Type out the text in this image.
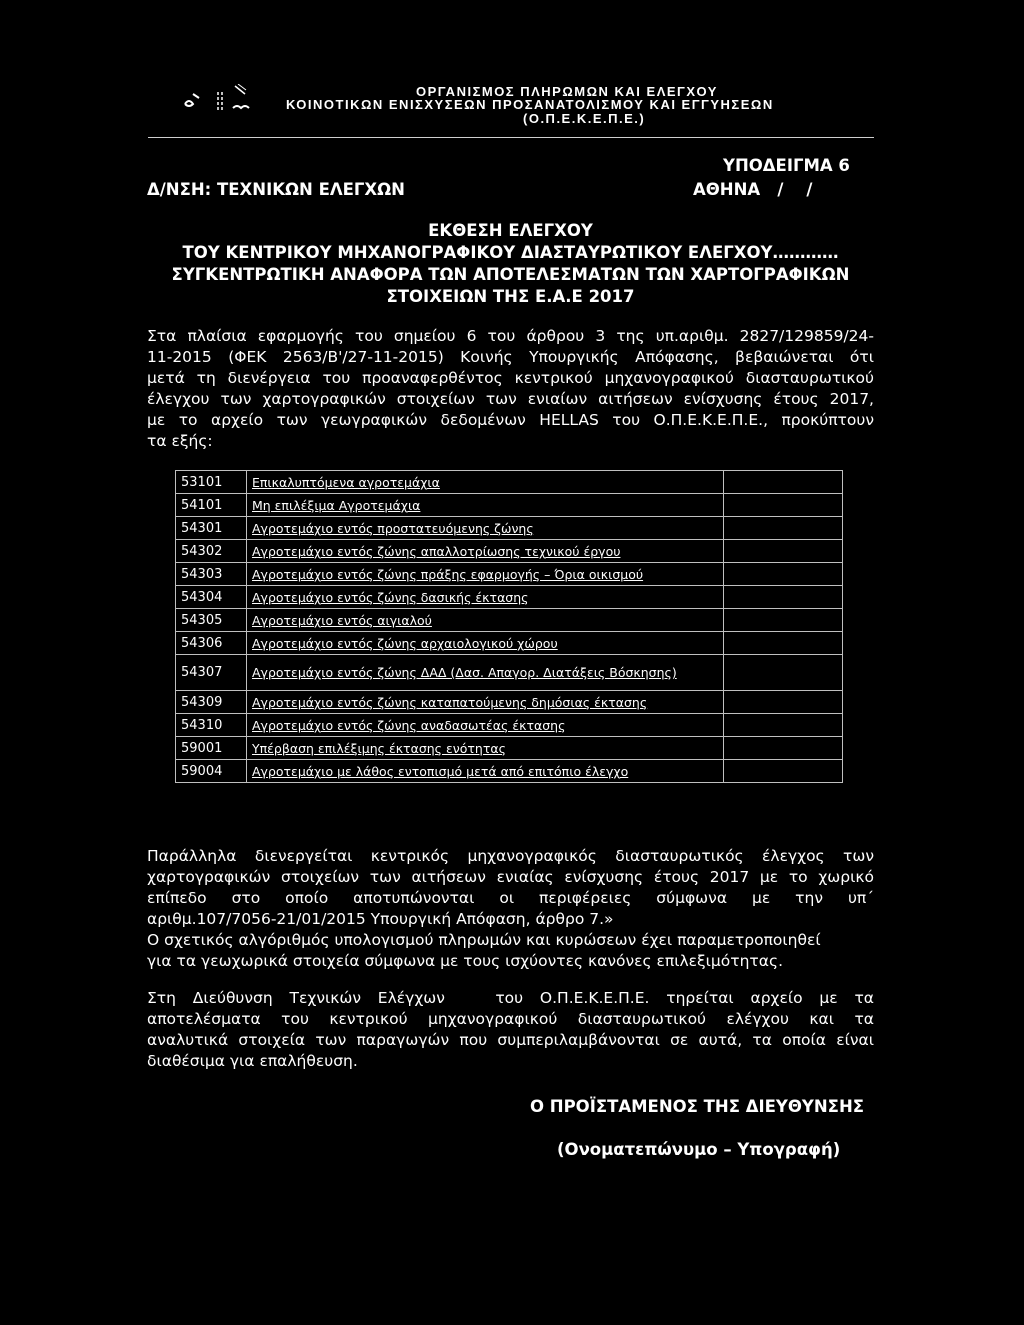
ΟΡΓΑΝΙΣΜΟΣ ΠΛΗΡΩΜΩΝ ΚΑΙ ΕΛΕΓΧΟΥ
ΚΟΙΝΟΤΙΚΩΝ ΕΝΙΣΧΥΣΕΩΝ ΠΡΟΣΑΝΑΤΟΛΙΣΜΟΥ ΚΑΙ ΕΓΓΥΗΣΕΩΝ
(Ο.Π.Ε.Κ.Ε.Π.Ε.)
ΥΠΟΔΕΙΓΜΑ 6
Δ/ΝΣΗ: ΤΕΧΝΙΚΩΝ ΕΛΕΓΧΩΝ	ΑΘΗΝΑ   /    /
ΕΚΘΕΣΗ ΕΛΕΓΧΟΥ
ΤΟΥ ΚΕΝΤΡΙΚΟΥ ΜΗΧΑΝΟΓΡΑΦΙΚΟΥ ΔΙΑΣΤΑΥΡΩΤΙΚΟΥ ΕΛΕΓΧΟΥ…………
ΣΥΓΚΕΝΤΡΩΤΙΚΗ ΑΝΑΦΟΡΑ ΤΩΝ ΑΠΟΤΕΛΕΣΜΑΤΩΝ ΤΩΝ ΧΑΡΤΟΓΡΑΦΙΚΩΝ
ΣΤΟΙΧΕΙΩΝ ΤΗΣ Ε.Α.Ε 2017
Στα πλαίσια εφαρμογής του σημείου 6 του άρθρου 3 της υπ.αριθμ. 2827/129859/24-
11-2015 (ΦΕΚ 2563/Β'/27-11-2015) Κοινής Υπουργικής Απόφασης, βεβαιώνεται ότι
μετά τη διενέργεια του προαναφερθέντος κεντρικού μηχανογραφικού διασταυρωτικού
έλεγχου των χαρτογραφικών στοιχείων των ενιαίων αιτήσεων ενίσχυσης έτους 2017,
με το αρχείο των γεωγραφικών δεδομένων HELLAS του Ο.Π.Ε.Κ.Ε.Π.Ε., προκύπτουν
τα εξής:
53101	Επικαλυπτόμενα αγροτεμάχια	
54101	Μη επιλέξιμα Αγροτεμάχια	
54301	Αγροτεμάχιο εντός προστατευόμενης ζώνης	
54302	Αγροτεμάχιο εντός ζώνης απαλλοτρίωσης τεχνικού έργου	
54303	Αγροτεμάχιο εντός ζώνης πράξης εφαρμογής – Όρια οικισμού	
54304	Αγροτεμάχιο εντός ζώνης δασικής έκτασης	
54305	Αγροτεμάχιο εντός αιγιαλού	
54306	Αγροτεμάχιο εντός ζώνης αρχαιολογικού χώρου	
54307	Αγροτεμάχιο εντός ζώνης ΔΑΔ (Δασ. Απαγορ. Διατάξεις Βόσκησης)	
54309	Αγροτεμάχιο εντός ζώνης καταπατούμενης δημόσιας έκτασης	
54310	Αγροτεμάχιο εντός ζώνης αναδασωτέας έκτασης	
59001	Υπέρβαση επιλέξιμης έκτασης ενότητας	
59004	Αγροτεμάχιο με λάθος εντοπισμό μετά από επιτόπιο έλεγχο	
Παράλληλα διενεργείται κεντρικός μηχανογραφικός διασταυρωτικός έλεγχος των
χαρτογραφικών στοιχείων των αιτήσεων ενιαίας ενίσχυσης έτους 2017 με το χωρικό
επίπεδο στο οποίο αποτυπώνονται οι περιφέρειες σύμφωνα με την υπ΄
αριθμ.107/7056-21/01/2015 Υπουργική Απόφαση, άρθρο 7.»
Ο σχετικός αλγόριθμός υπολογισμού πληρωμών και κυρώσεων έχει παραμετροποιηθεί
για τα γεωχωρικά στοιχεία σύμφωνα με τους ισχύοντες κανόνες επιλεξιμότητας.
Στη Διεύθυνση Τεχνικών Ελέγχων   του Ο.Π.Ε.Κ.Ε.Π.Ε. τηρείται αρχείο με τα
αποτελέσματα του κεντρικού μηχανογραφικού διασταυρωτικού ελέγχου και τα
αναλυτικά στοιχεία των παραγωγών που συμπεριλαμβάνονται σε αυτά, τα οποία είναι
διαθέσιμα για επαλήθευση.
Ο ΠΡΟΪΣΤΑΜΕΝΟΣ ΤΗΣ ΔΙΕΥΘΥΝΣΗΣ
(Ονοματεπώνυμο – Υπογραφή)
